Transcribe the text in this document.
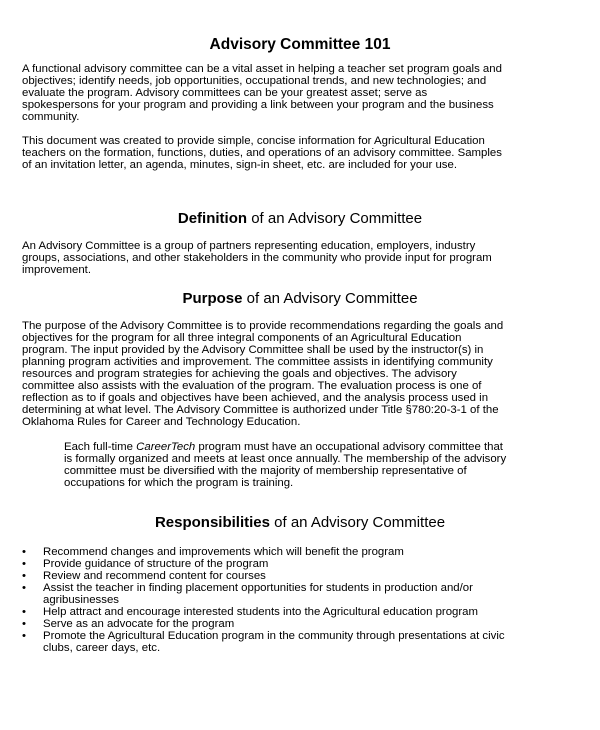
Advisory Committee 101

A functional advisory committee can be a vital asset in helping a teacher set program goals and
objectives; identify needs, job opportunities, occupational trends, and new technologies; and
evaluate the program. Advisory committees can be your greatest asset; serve as
spokespersons for your program and providing a link between your program and the business
community.

This document was created to provide simple, concise information for Agricultural Education
teachers on the formation, functions, duties, and operations of an advisory committee. Samples
of an invitation letter, an agenda, minutes, sign-in sheet, etc. are included for your use.

Definition of an Advisory Committee

An Advisory Committee is a group of partners representing education, employers, industry
groups, associations, and other stakeholders in the community who provide input for program
improvement.

Purpose of an Advisory Committee

The purpose of the Advisory Committee is to provide recommendations regarding the goals and
objectives for the program for all three integral components of an Agricultural Education
program. The input provided by the Advisory Committee shall be used by the instructor(s) in
planning program activities and improvement. The committee assists in identifying community
resources and program strategies for achieving the goals and objectives. The advisory
committee also assists with the evaluation of the program. The evaluation process is one of
reflection as to if goals and objectives have been achieved, and the analysis process used in
determining at what level. The Advisory Committee is authorized under Title §780:20-3-1 of the
Oklahoma Rules for Career and Technology Education.

Each full-time CareerTech program must have an occupational advisory committee that
is formally organized and meets at least once annually. The membership of the advisory
committee must be diversified with the majority of membership representative of
occupations for which the program is training.

Responsibilities of an Advisory Committee
•	Recommend changes and improvements which will benefit the program
•	Provide guidance of structure of the program
•	Review and recommend content for courses
•	Assist the teacher in finding placement opportunities for students in production and/or
agribusinesses
•	Help attract and encourage interested students into the Agricultural education program
•	Serve as an advocate for the program
•	Promote the Agricultural Education program in the community through presentations at civic
clubs, career days, etc.
